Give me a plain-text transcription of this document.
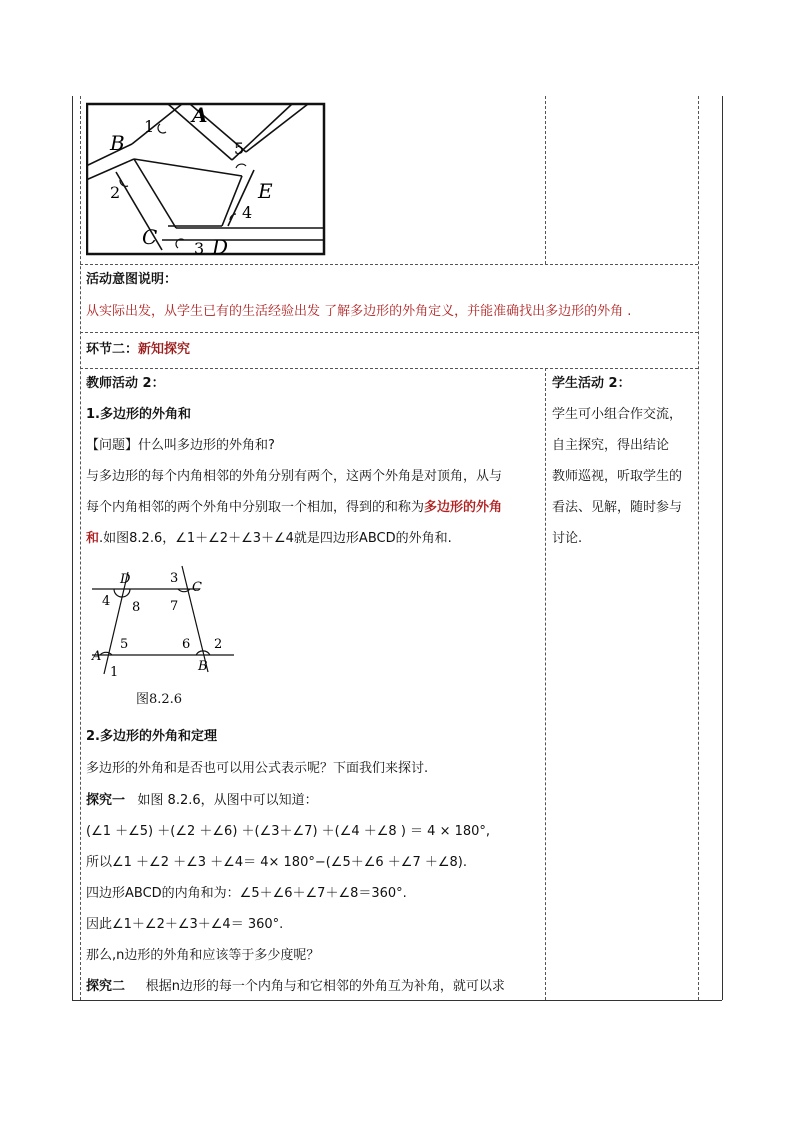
A
B
C	D
E
1
2
3
4
5
活动意图说明：
从实际出发，从学生已有的生活经验出发 了解多边形的外角定义，并能准确找出多边形的外角 .
环节二：新知探究
教师活动 2：
1.多边形的外角和
【问题】什么叫多边形的外角和?
与多边形的每个内角相邻的外角分别有两个，这两个外角是对顶角，从与
每个内角相邻的两个外角中分别取一个相加，得到的和称为多边形的外角
和.如图8.2.6，∠1＋∠2＋∠3＋∠4就是四边形ABCD的外角和.
D
C
A
B
3
4 8 7
5	6 2
1
图8.2.6
2.多边形的外角和定理
多边形的外角和是否也可以用公式表示呢？下面我们来探讨.
探究一 如图 8.2.6，从图中可以知道：
(∠1 ＋∠5) ＋(∠2 ＋∠6) ＋(∠3＋∠7) ＋(∠4 ＋∠8 ) ＝ 4 × 180°,
所以∠1 ＋∠2 ＋∠3 ＋∠4＝ 4× 180°−(∠5＋∠6 ＋∠7 ＋∠8).
四边形ABCD的内角和为：∠5＋∠6＋∠7＋∠8＝360°.
因此∠1＋∠2＋∠3＋∠4＝ 360°.
那么,n边形的外角和应该等于多少度呢？
探究二 根据n边形的每一个内角与和它相邻的外角互为补角，就可以求
学生活动 2：
学生可小组合作交流，
自主探究，得出结论
教师巡视，听取学生的
看法、见解，随时参与
讨论.
